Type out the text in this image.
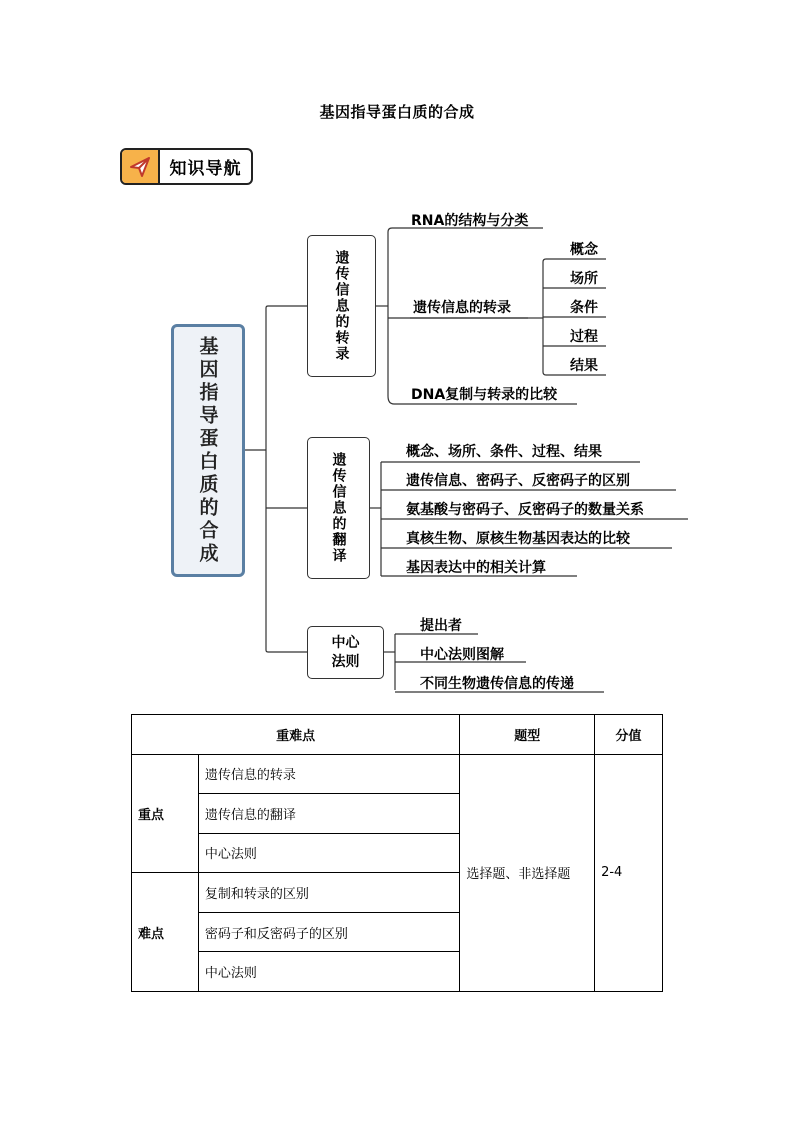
基因指导蛋白质的合成
知识导航
基因指导蛋白质的合成
遗传信息的转录
遗传信息的翻译
中心法则
RNA的结构与分类
遗传信息的转录
DNA复制与转录的比较
概念
场所
条件
过程
结果
概念、场所、条件、过程、结果
遗传信息、密码子、反密码子的区别
氨基酸与密码子、反密码子的数量关系
真核生物、原核生物基因表达的比较
基因表达中的相关计算
提出者
中心法则图解
不同生物遗传信息的传递
重难点		题型	分值
重点	遗传信息的转录	选择题、非选择题	2-4
	遗传信息的翻译		
	中心法则		
难点	复制和转录的区别		
	密码子和反密码子的区别		
	中心法则		
